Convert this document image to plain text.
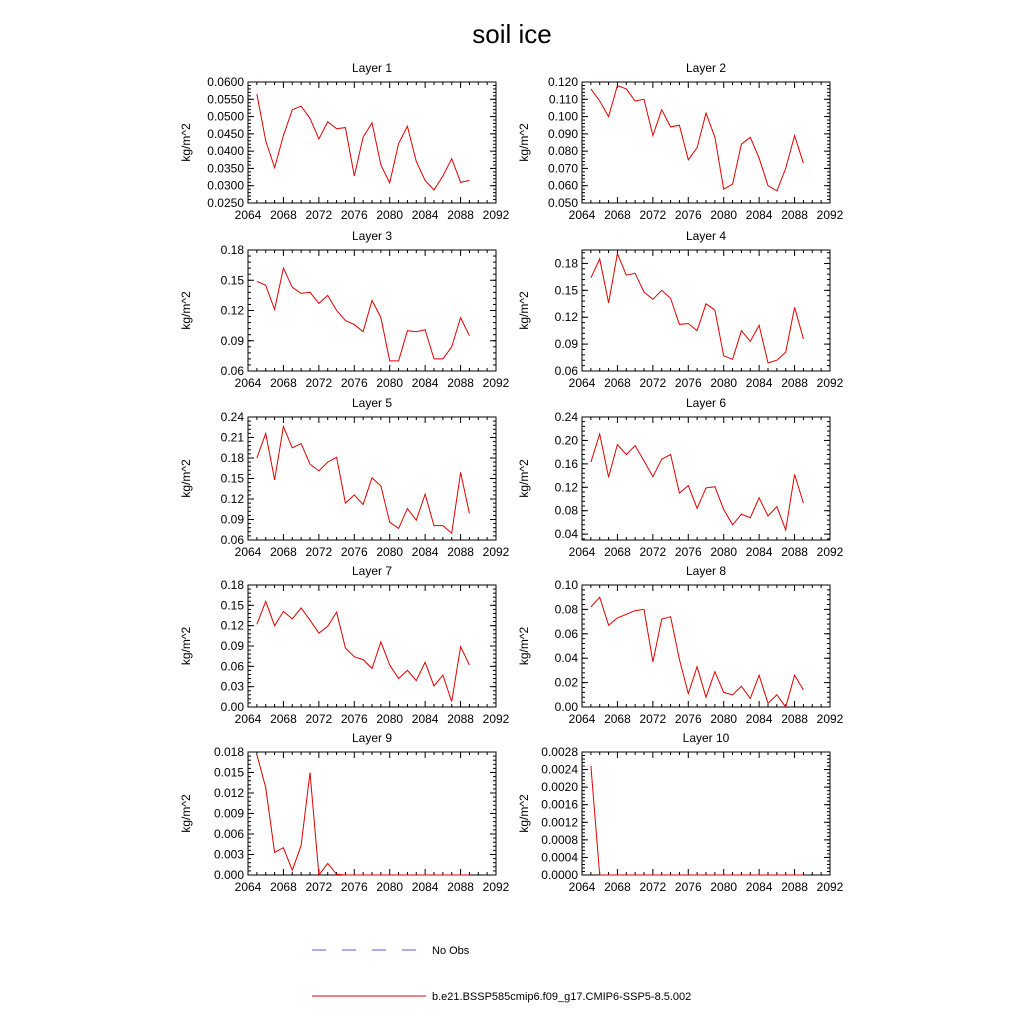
soil ice
Layer 1
2064 2068 2072 2076 2080 2084 2088 2092
0.0250
0.0300
0.0350
0.0400
0.0450
0.0500
0.0550
0.0600
kg/m^2
Layer 2
2064 2068 2072 2076 2080 2084 2088 2092
0.050
0.060
0.070
0.080
0.090
0.100
0.110
0.120
kg/m^2
Layer 3
2064 2068 2072 2076 2080 2084 2088 2092
0.06
0.09
0.12
0.15
0.18
kg/m^2
Layer 4
2064 2068 2072 2076 2080 2084 2088 2092
0.06
0.09
0.12
0.15
0.18
kg/m^2
Layer 5
2064 2068 2072 2076 2080 2084 2088 2092
0.06
0.09
0.12
0.15
0.18
0.21
0.24
kg/m^2
Layer 6
2064 2068 2072 2076 2080 2084 2088 2092
0.04
0.08
0.12
0.16
0.20
0.24
kg/m^2
Layer 7
2064 2068 2072 2076 2080 2084 2088 2092
0.00
0.03
0.06
0.09
0.12
0.15
0.18
kg/m^2
Layer 8
2064 2068 2072 2076 2080 2084 2088 2092
0.00
0.02
0.04
0.06
0.08
0.10
kg/m^2
Layer 9
2064 2068 2072 2076 2080 2084 2088 2092
0.000
0.003
0.006
0.009
0.012
0.015
0.018
kg/m^2
Layer 10
2064 2068 2072 2076 2080 2084 2088 2092
0.0000
0.0004
0.0008
0.0012
0.0016
0.0020
0.0024
0.0028
kg/m^2
No Obs
b.e21.BSSP585cmip6.f09_g17.CMIP6-SSP5-8.5.002
